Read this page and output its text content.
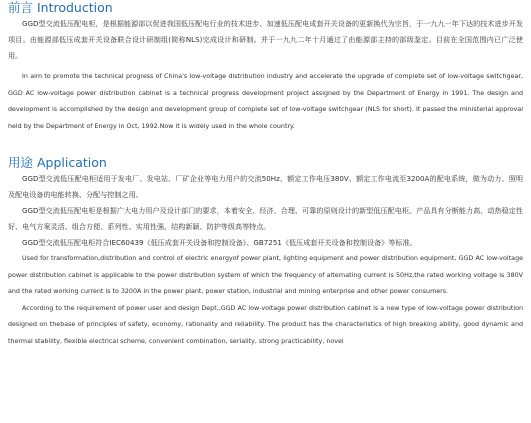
前言 Introduction

GGD型交流低压配电柜，是根据能源部以促进我国低压配电行业的技术进步、加速低压配电成套开关设备的更新换代为宗旨，于一九九一年下达的技术进步开发项目。由能源部低压成套开关设备联合设计研制组(简称NLS)完成设计和研制。并于一九九二年十月通过了由能源部主持的部级鉴定。目前在全国范围内已广泛使用。

In aim to promote the technical progress of China's low-voltage distribution industry and accelerate the upgrade of complete set of low-voltage switchgear, GGD AC low-voltage power distribution cabinet is a technical progress development project assigned by the Department of Energy in 1991. The design and development is accomplished by the design and development group of complete set of low-voltage switchgear (NLS for short). It passed the ministerial approval held by the Department of Energy in Oct, 1992.Now it is widely used in the whole country.

用途 Application

GGD型交流低压配电柜适用于发电厂、发电站、厂矿企业等电力用户的交流50Hz、额定工作电压380V、额定工作电流至3200A的配电系统，做为动力、照明及配电设备的电能转换、分配与控制之用。

GGD型交流低压配电柜是根据广大电力用户及设计部门的要求，本着安全、经济、合理、可靠的原则设计的新型低压配电柜。产品具有分断能力高、动热稳定性好、电气方案灵活、组合方便、系列性、实用性强、结构新颖、防护等级高等特点。

GGD型交流低压配电柜符合IEC60439《低压成套开关设备和控制设备》、GB7251《低压成套开关设备和控制设备》等标准。

Used for transformation,distribution and control of electric energyof power plant, lighting equipment and power distribution equipment, GGD AC low-voltage power distribution cabinet is applicable to the power distribution system of which the frequency of alternating current is 50Hz,the rated working voltage is 380V and the rated working current is to 3200A in the power plant, power station, industrial and mining enterprise and other power consumers.

According to the requirement of power user and design Dept.,GGD AC low-voltage power distribution cabinet is a new type of low-voltage power distribution designed on thebase of principles of safety, economy, rationality and reliability. The product has the characteristics of high breaking ability, good dynamic and thermal stability, flexible electrical scheme, convenient combination, seriality, strong practicability, novel
